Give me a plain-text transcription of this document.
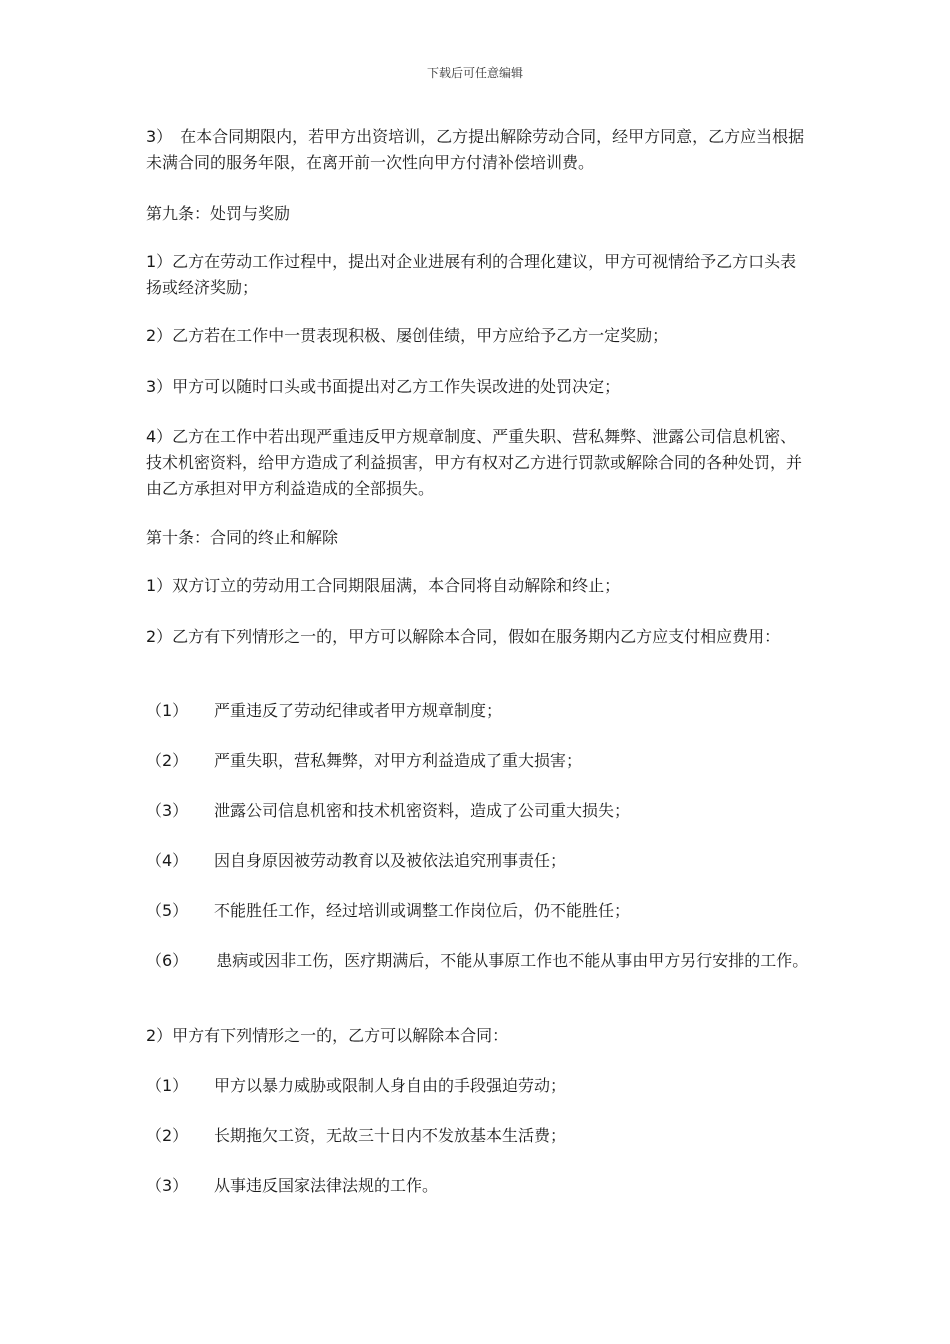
下载后可任意编辑

3）　在本合同期限内，若甲方出资培训，乙方提出解除劳动合同，经甲方同意，乙方应当根据未满合同的服务年限，在离开前一次性向甲方付清补偿培训费。

第九条：处罚与奖励

1）乙方在劳动工作过程中，提出对企业进展有利的合理化建议，甲方可视情给予乙方口头表扬或经济奖励；

2）乙方若在工作中一贯表现积极、屡创佳绩，甲方应给予乙方一定奖励；

3）甲方可以随时口头或书面提出对乙方工作失误改进的处罚决定；

4）乙方在工作中若出现严重违反甲方规章制度、严重失职、营私舞弊、泄露公司信息机密、技术机密资料，给甲方造成了利益损害，甲方有权对乙方进行罚款或解除合同的各种处罚，并由乙方承担对甲方利益造成的全部损失。

第十条：合同的终止和解除

1）双方订立的劳动用工合同期限届满，本合同将自动解除和终止；

2）乙方有下列情形之一的，甲方可以解除本合同，假如在服务期内乙方应支付相应费用：

（1） 严重违反了劳动纪律或者甲方规章制度；

（2） 严重失职，营私舞弊，对甲方利益造成了重大损害；

（3） 泄露公司信息机密和技术机密资料，造成了公司重大损失；

（4） 因自身原因被劳动教育以及被依法追究刑事责任；

（5） 不能胜任工作，经过培训或调整工作岗位后，仍不能胜任；

（6） 患病或因非工伤，医疗期满后，不能从事原工作也不能从事由甲方另行安排的工作。

2）甲方有下列情形之一的，乙方可以解除本合同：

（1） 甲方以暴力威胁或限制人身自由的手段强迫劳动；

（2） 长期拖欠工资，无故三十日内不发放基本生活费；

（3） 从事违反国家法律法规的工作。
